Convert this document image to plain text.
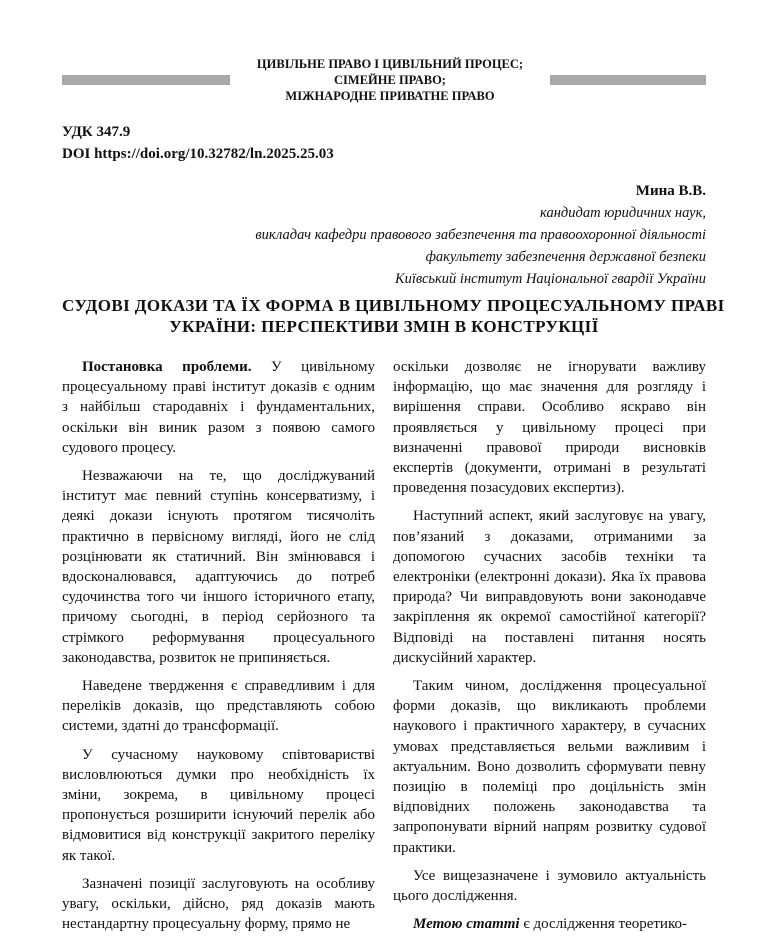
ЦИВІЛЬНЕ ПРАВО І ЦИВІЛЬНИЙ ПРОЦЕС;
СІМЕЙНЕ ПРАВО;
МІЖНАРОДНЕ ПРИВАТНЕ ПРАВО
УДК 347.9
DOI https://doi.org/10.32782/ln.2025.25.03
Мина В.В.
кандидат юридичних наук,
викладач кафедри правового забезпечення та правоохоронної діяльності
факультету забезпечення державної безпеки
Київський інститут Національної гвардії України
СУДОВІ ДОКАЗИ ТА ЇХ ФОРМА В ЦИВІЛЬНОМУ ПРОЦЕСУАЛЬНОМУ ПРАВІ
УКРАЇНИ: ПЕРСПЕКТИВИ ЗМІН В КОНСТРУКЦІЇ

Постановка проблеми. У цивільному процесуальному праві інститут доказів є одним з найбільш стародавніх і фундаментальних, оскільки він виник разом з появою самого судового процесу.

Незважаючи на те, що досліджуваний інститут має певний ступінь консерватизму, і деякі докази існують протягом тисячоліть практично в первісному вигляді, його не слід розцінювати як статичний. Він змінювався і вдосконалювався, адаптуючись до потреб судочинства того чи іншого історичного етапу, причому сьогодні, в період серйозного та стрімкого реформування процесуального законодавства, розвиток не припиняється.

Наведене твердження є справедливим і для переліків доказів, що представляють собою системи, здатні до трансформації.

У сучасному науковому співтоваристві висловлюються думки про необхідність їх зміни, зокрема, в цивільному процесі пропонується розширити існуючий перелік або відмовитися від конструкції закритого переліку як такої.

Зазначені позиції заслуговують на особливу увагу, оскільки, дійсно, ряд доказів мають нестандартну процесуальну форму, прямо не

оскільки дозволяє не ігнорувати важливу інформацію, що має значення для розгляду і вирішення справи. Особливо яскраво він проявляється у цивільному процесі при визначенні правової природи висновків експертів (документи, отримані в результаті проведення позасудових експертиз).

Наступний аспект, який заслуговує на увагу, пов’язаний з доказами, отриманими за допомогою сучасних засобів техніки та електроніки (електронні докази). Яка їх правова природа? Чи виправдовують вони законодавче закріплення як окремої самостійної категорії? Відповіді на поставлені питання носять дискусійний характер.

Таким чином, дослідження процесуальної форми доказів, що викликають проблеми наукового і практичного характеру, в сучасних умовах представляється вельми важливим і актуальним. Воно дозволить сформувати певну позицію в полеміці про доцільність змін відповідних положень законодавства та запропонувати вірний напрям розвитку судової практики.

Усе вищезазначене і зумовило актуальність цього дослідження.

Метою статті є дослідження теоретико-
